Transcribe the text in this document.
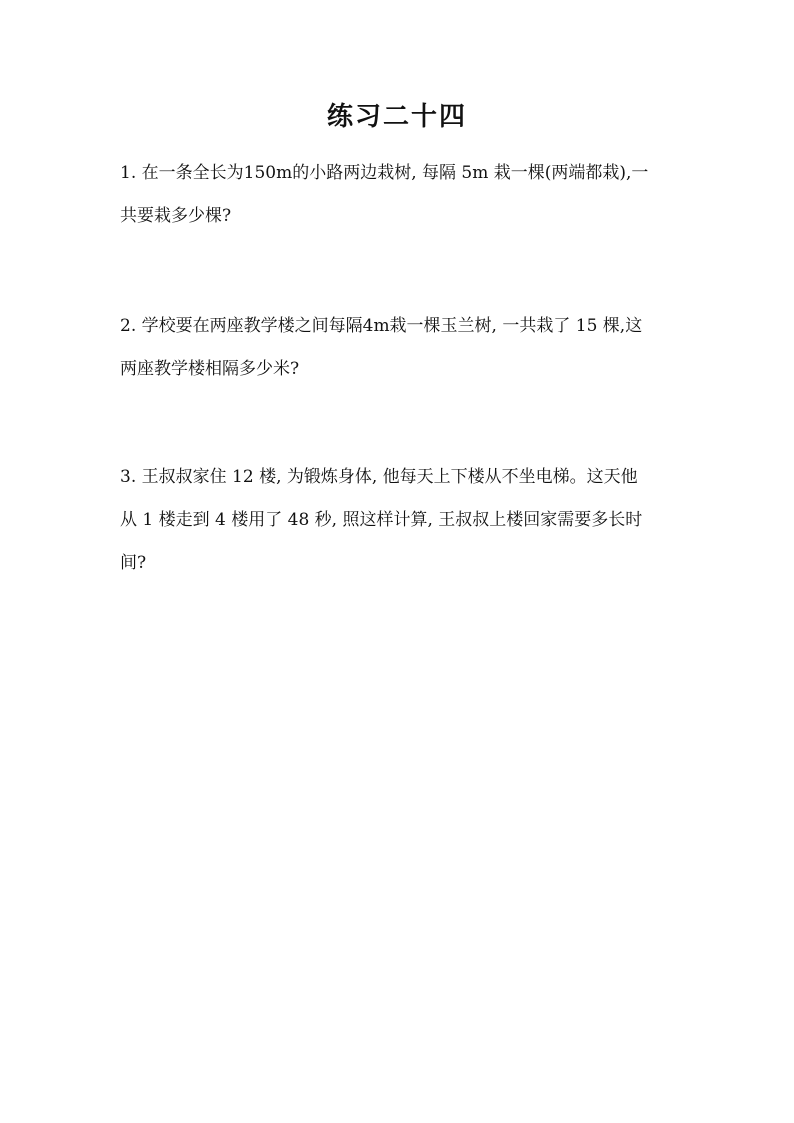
练习二十四
1. 在一条全长为150m的小路两边栽树, 每隔 5m 栽一棵(两端都栽),一
共要栽多少棵?
2. 学校要在两座教学楼之间每隔4m栽一棵玉兰树, 一共栽了 15 棵,这
两座教学楼相隔多少米?
3. 王叔叔家住 12 楼, 为锻炼身体, 他每天上下楼从不坐电梯。这天他
从 1 楼走到 4 楼用了 48 秒, 照这样计算, 王叔叔上楼回家需要多长时
间?
